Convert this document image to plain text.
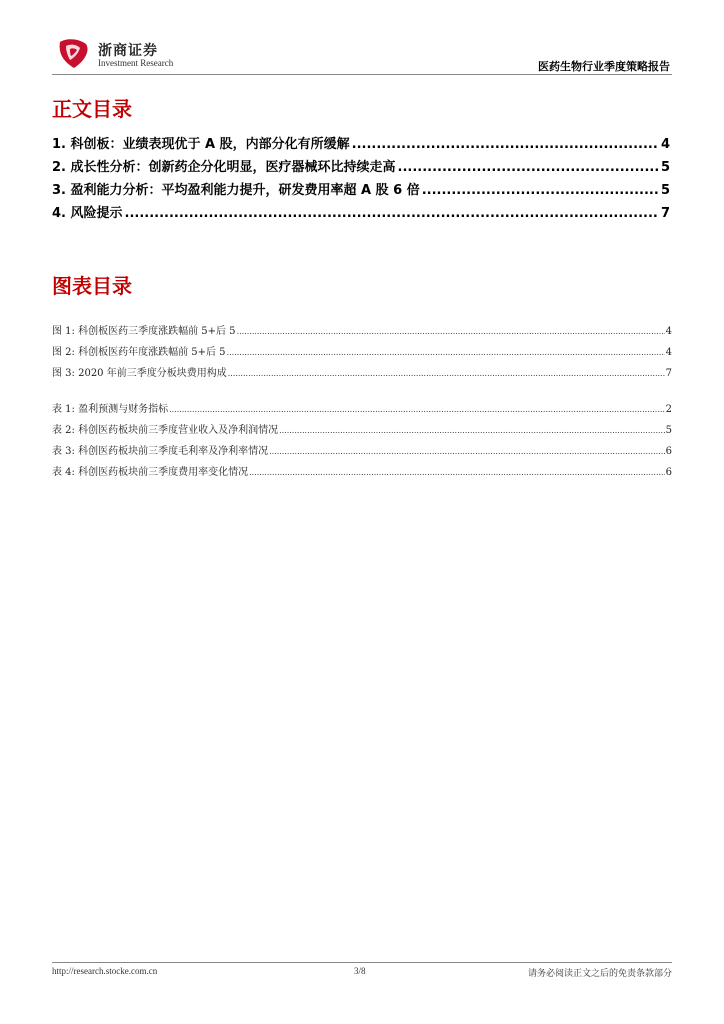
浙商证券
Investment Research	医药生物行业季度策略报告
正文目录
1. 科创板：业绩表现优于 A 股，内部分化有所缓解 .....	4
2. 成长性分析：创新药企分化明显，医疗器械环比持续走高 .....	5
3. 盈利能力分析：平均盈利能力提升，研发费用率超 A 股 6 倍 .....	5
4. 风险提示 .....	7
图表目录
图 1: 科创板医药三季度涨跌幅前 5+后 5 .....	4
图 2: 科创板医药年度涨跌幅前 5+后 5 .....	4
图 3: 2020 年前三季度分板块费用构成 .....	7
表 1: 盈利预测与财务指标 .....	2
表 2: 科创医药板块前三季度营业收入及净利润情况 .....	5
表 3: 科创医药板块前三季度毛利率及净利率情况 .....	6
表 4: 科创医药板块前三季度费用率变化情况 .....	6
http://research.stocke.com.cn	3/8	请务必阅读正文之后的免责条款部分
